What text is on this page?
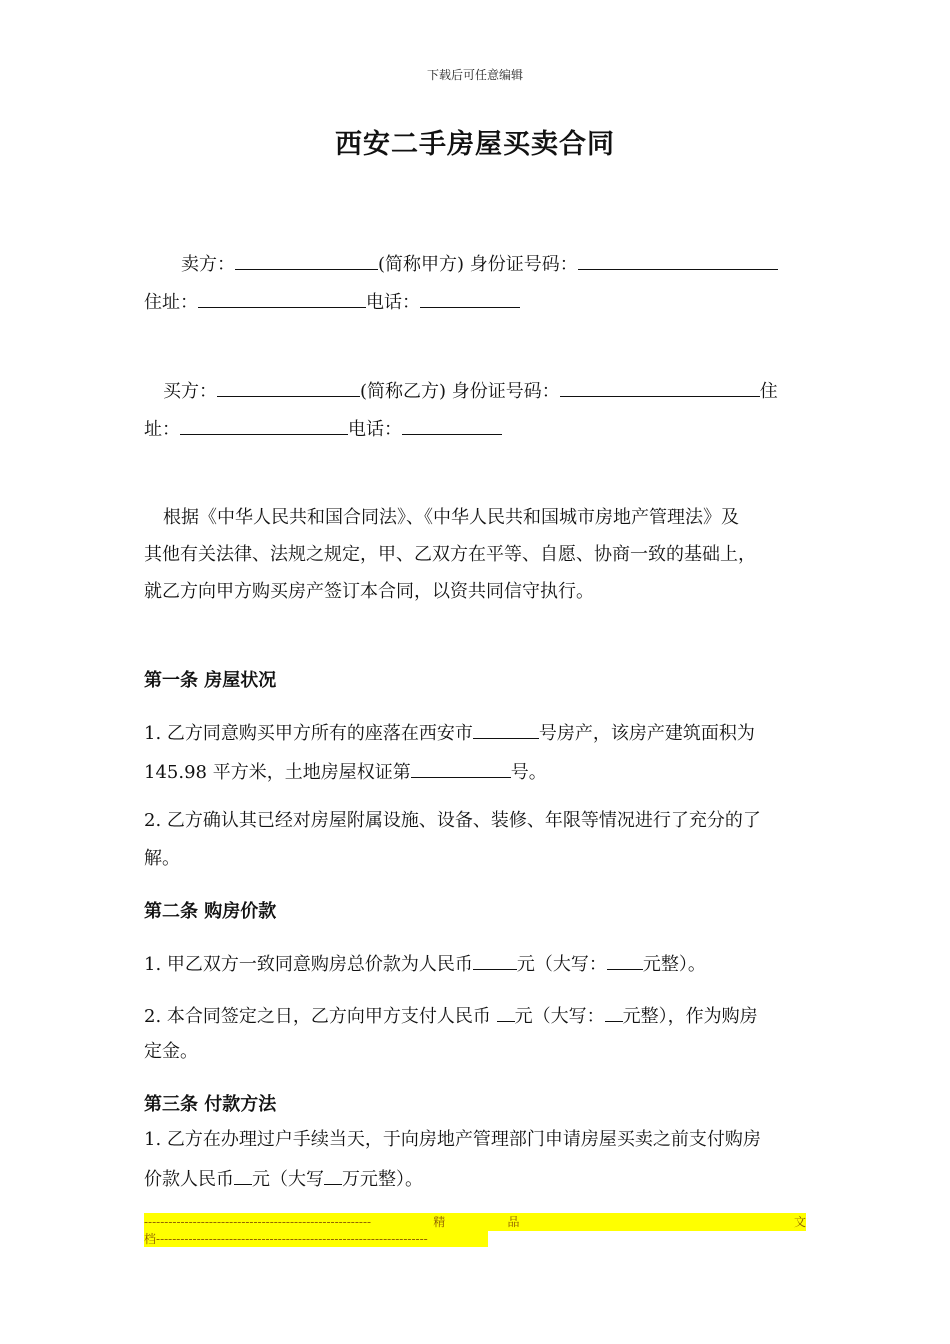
下载后可任意编辑
西安二手房屋买卖合同
卖方：	(简称甲方) 身份证号码：
住址：	电话：
买方：	(简称乙方) 身份证号码：	住
址：	电话：
根据《中华人民共和国合同法》、《中华人民共和国城市房地产管理法》及
其他有关法律、法规之规定，甲、乙双方在平等、自愿、协商一致的基础上，
就乙方向甲方购买房产签订本合同，以资共同信守执行。
第一条 房屋状况
1. 乙方同意购买甲方所有的座落在西安市	号房产，该房产建筑面积为
145.98 平方米，土地房屋权证第	号。
2. 乙方确认其已经对房屋附属设施、设备、装修、年限等情况进行了充分的了
解。
第二条 购房价款
1. 甲乙双方一致同意购房总价款为人民币 元（大写： 元整）。
2. 本合同签定之日，乙方向甲方支付人民币 元（大写： 元整），作为购房
定金。
第三条 付款方法
1. 乙方在办理过户手续当天，于向房地产管理部门申请房屋买卖之前支付购房
价款人民币 元（大写 万元整）。
--------------------------------------------------------	精	品	文
档-------------------------------------------------------------------
